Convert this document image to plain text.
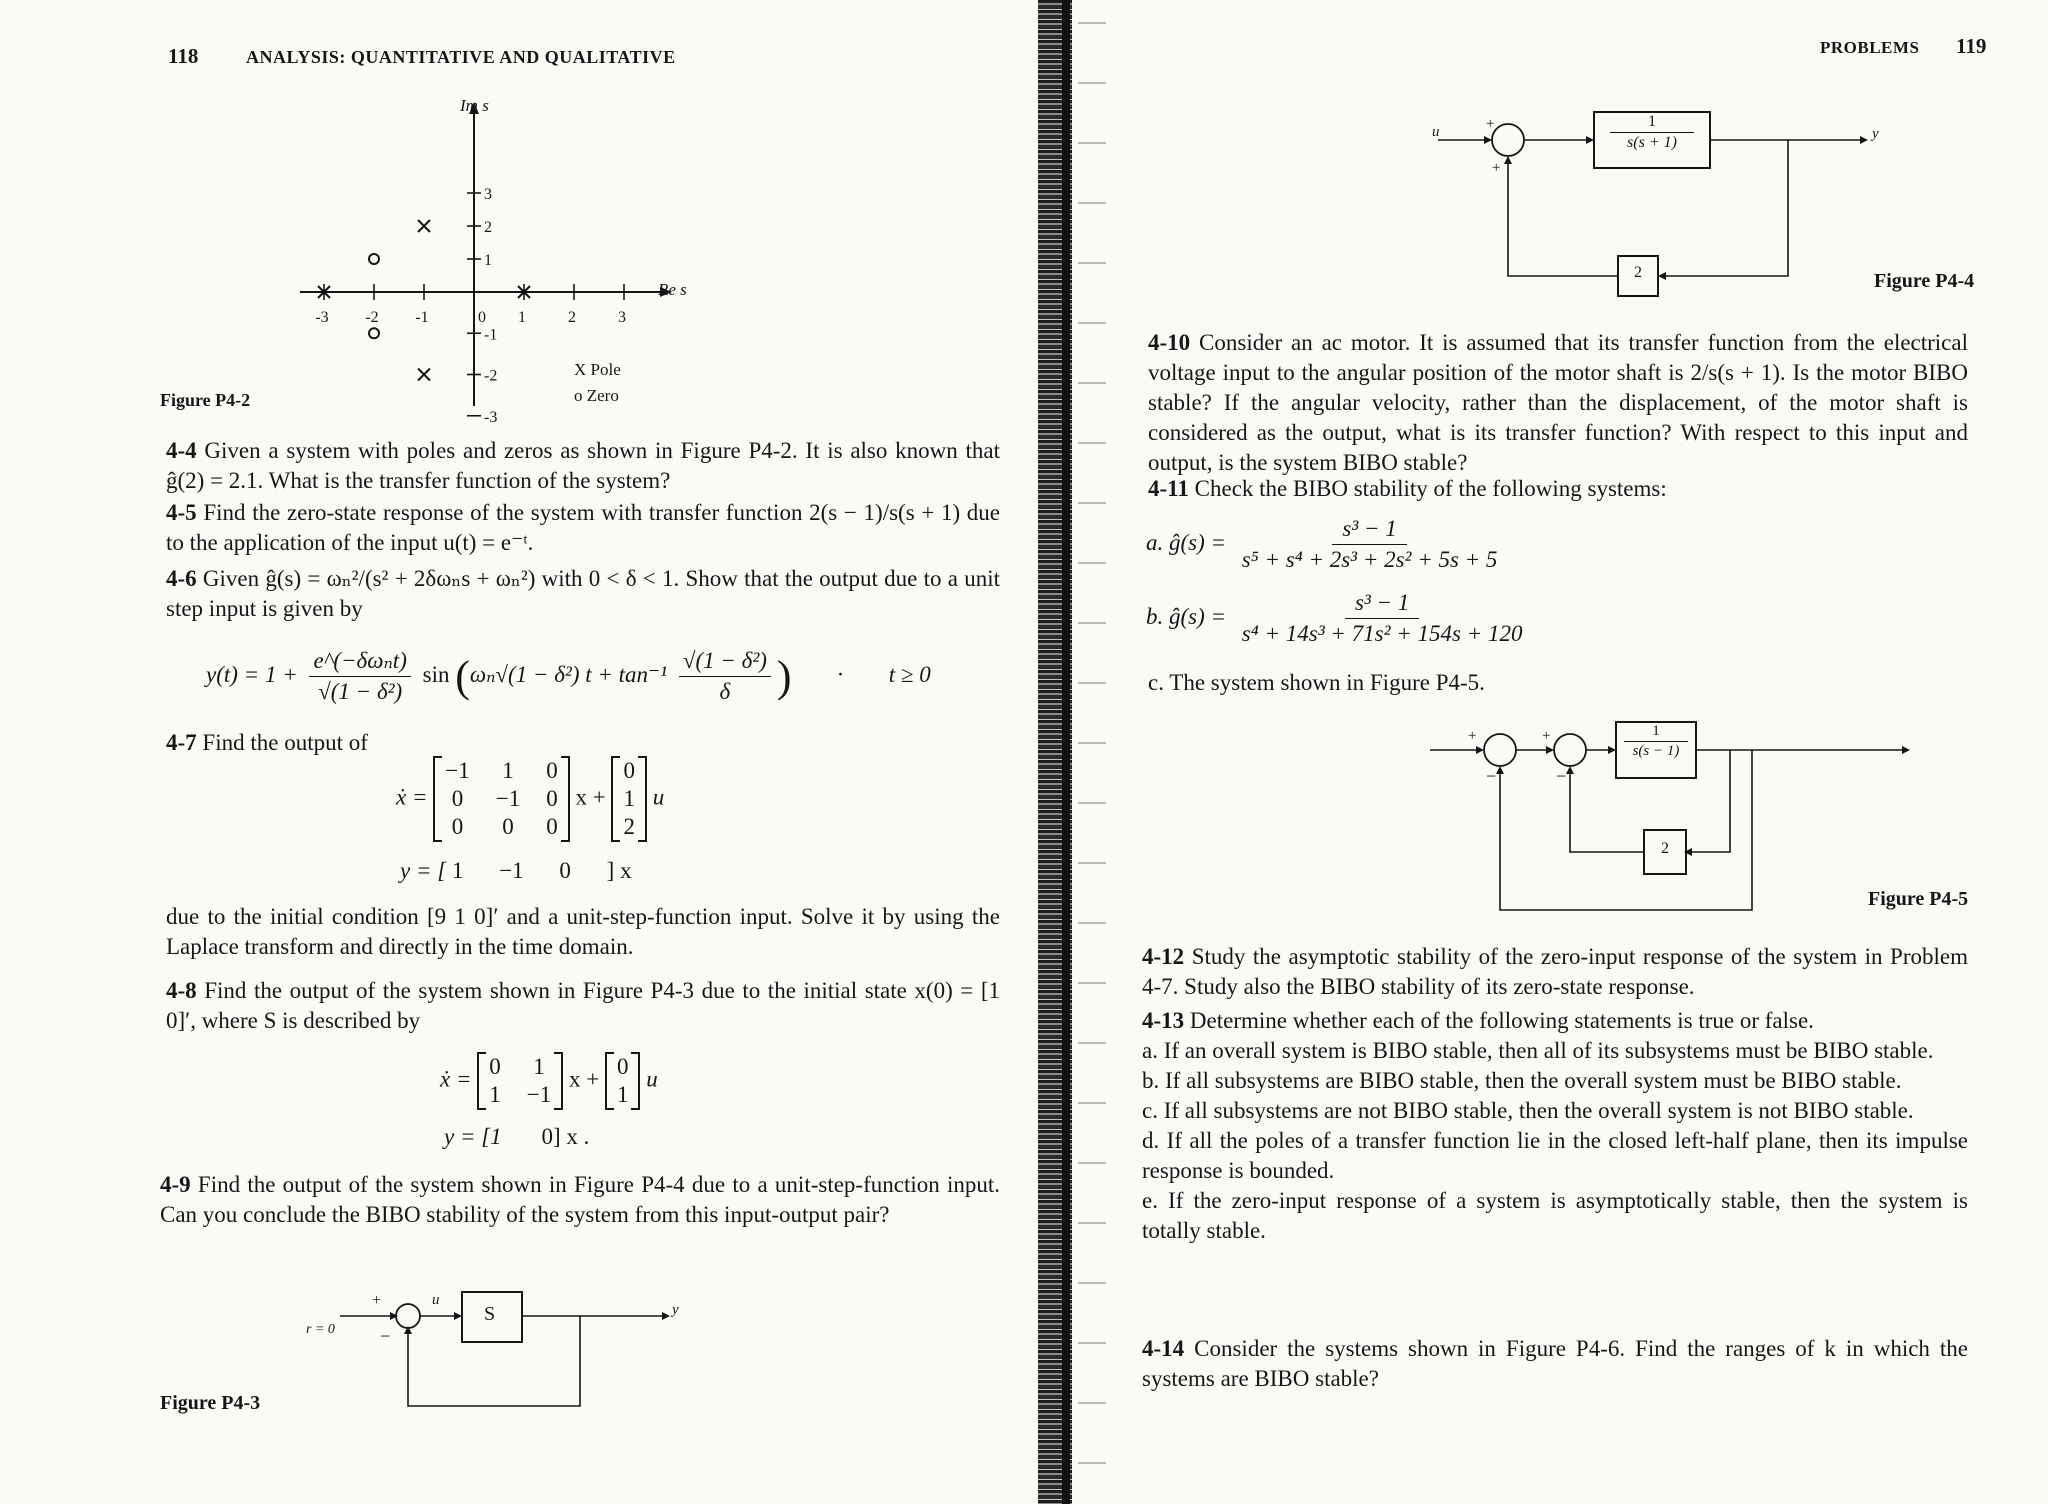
118	ANALYSIS: QUANTITATIVE AND QUALITATIVE
-3 -2 -1	0 1	2	3
3
2
1
-1
-2
-3
Im s
Re s
X Pole
o Zero
Figure P4-2
4-4 Given a system with poles and zeros as shown in Figure P4-2. It is also known that ĝ(2) = 2.1. What is the transfer function of the system?
4-5 Find the zero-state response of the system with transfer function 2(s − 1)/s(s + 1) due to the application of the input u(t) = e⁻ᵗ.
4-6 Given ĝ(s) = ωₙ²/(s² + 2δωₙs + ωₙ²) with 0 < δ < 1. Show that the output due to a unit step input is given by
$y(t) = 1 + \frac{\text{e\textasciicircum{}(−δωₙt)}}{\text{√(1 − δ²)}}$ sin (ωₙ√(1 − δ²) $t + \tan^{-1} \frac{\text{√(1 − δ²)}}{\delta}$ ) · t ≥ 0
4-7 Find the output of
ẋ =
−1 1 0
0 −1 0
0 0 0
x +
0
1
2
u
y = [ 1 −1 0 ] x
due to the initial condition [9 1 0]′ and a unit-step-function input. Solve it by using the Laplace transform and directly in the time domain.
4-8 Find the output of the system shown in Figure P4-3 due to the initial state x(0) = [1 0]′, where S is described by
ẋ = 0 1
1 −1
x + 0
1
u
y = [1 0] x .
4-9 Find the output of the system shown in Figure P4-4 due to a unit-step-function input. Can you conclude the BIBO stability of the system from this input-output pair?
r = 0
+
−
u
S	y
Figure P4-3
PROBLEMS 119
u	+
+
$\frac{1}{s(s + 1)}$
2
y
Figure P4-4
4-10 Consider an ac motor. It is assumed that its transfer function from the electrical voltage input to the angular position of the motor shaft is 2/s(s + 1). Is the motor BIBO stable? If the angular velocity, rather than the displacement, of the motor shaft is considered as the output, what is its transfer function? With respect to this input and output, is the system BIBO stable?
4-11 Check the BIBO stability of the following systems:
a. ĝ(s) = $\frac{\text{s³ − 1}}{\text{s⁵ + s⁴ + 2s³ + 2s² + 5s + 5}}$
b. ĝ(s) = $\frac{\text{s³ − 1}}{\text{s⁴ + 14s³ + 71s² + 154s + 120}}$
c. The system shown in Figure P4-5.
+	+
−	−
$\frac{1}{s(s - 1)}$
2
Figure P4-5
4-12 Study the asymptotic stability of the zero-input response of the system in Problem 4-7. Study also the BIBO stability of its zero-state response.
4-13 Determine whether each of the following statements is true or false.
a. If an overall system is BIBO stable, then all of its subsystems must be BIBO stable.
b. If all subsystems are BIBO stable, then the overall system must be BIBO stable.
c. If all subsystems are not BIBO stable, then the overall system is not BIBO stable.
d. If all the poles of a transfer function lie in the closed left-half plane, then its impulse response is bounded.
e. If the zero-input response of a system is asymptotically stable, then the system is totally stable.
4-14 Consider the systems shown in Figure P4-6. Find the ranges of k in which the systems are BIBO stable?
